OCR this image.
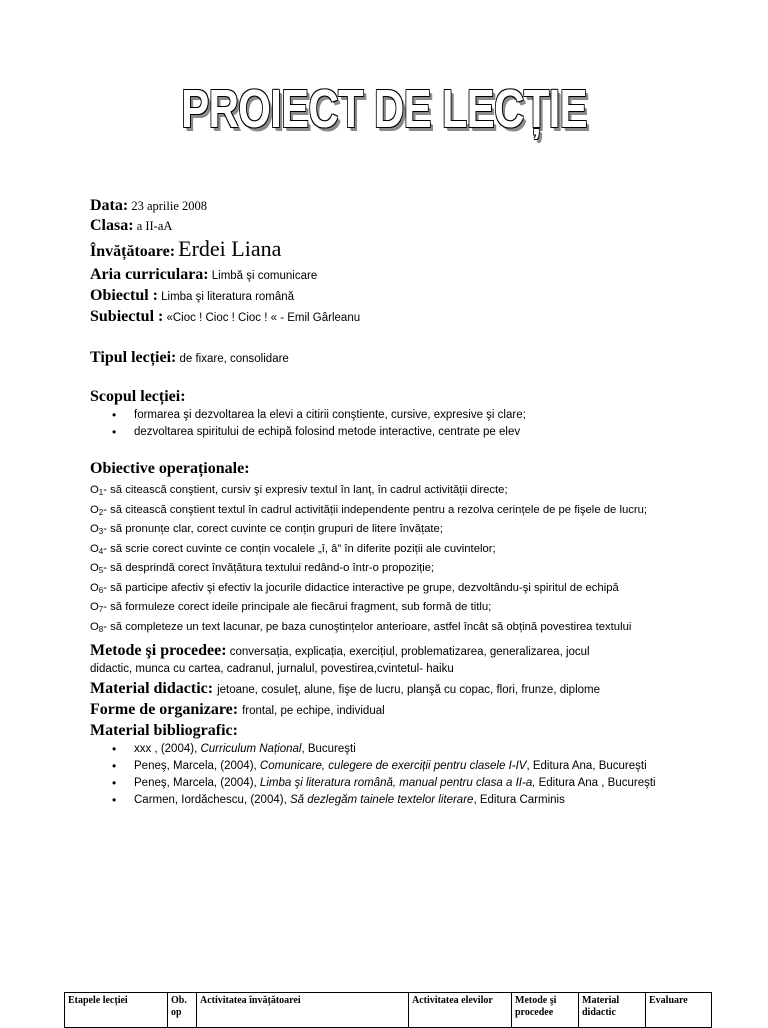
PROIECT DE LECȚIE
Data: 23 aprilie 2008
Clasa: a II-aA
Învățătoare: Erdei Liana
Aria curriculara: Limbă şi comunicare
Obiectul : Limba şi literatura română
Subiectul : «Cioc ! Cioc ! Cioc ! « - Emil Gârleanu
Tipul lecției: de fixare, consolidare
Scopul lecției:
• formarea şi dezvoltarea la elevi a citirii conştiente, cursive, expresive şi clare;
• dezvoltarea spiritului de echipă folosind metode interactive, centrate pe elev
Obiective operaționale:
$O_1-$ să citească conştient, cursiv şi expresiv textul în lanț, în cadrul activității directe;
$O_2-$ să citească conştient textul în cadrul activității independente pentru a rezolva cerințele de pe fişele de lucru;
$O_3-$ să pronunțe clar, corect cuvinte ce conțin grupuri de litere învățate;
$O_4-$ să scrie corect cuvinte ce conțin vocalele „î, â” în diferite poziții ale cuvintelor;
$O_5-$ să desprindă corect învățătura textului redând-o într-o propoziție;
$O_6-$ să participe afectiv şi efectiv la jocurile didactice interactive pe grupe, dezvoltându-şi spiritul de echipă
$O_7-$ să formuleze corect ideile principale ale fiecărui fragment, sub formă de titlu;
$O_8-$ să completeze un text lacunar, pe baza cunoştințelor anterioare, astfel încât să obțină povestirea textului
Metode şi procedee: conversația, explicația, exercițiul, problematizarea, generalizarea, jocul
didactic, munca cu cartea, cadranul, jurnalul, povestirea,cvintetul- haiku
Material didactic: jetoane, cosuleț, alune, fişe de lucru, planşă cu copac, flori, frunze, diplome
Forme de organizare: frontal, pe echipe, individual
Material bibliografic:
• xxx , (2004), Curriculum Național, Bucureşti
• Peneş, Marcela, (2004), Comunicare, culegere de exerciții pentru clasele I-IV, Editura Ana, Bucureşti
• Peneş, Marcela, (2004), Limba şi literatura română, manual pentru clasa a II-a, Editura Ana , Bucureşti
• Carmen, Iordăchescu, (2004), Să dezlegăm tainele textelor literare, Editura Carminis
Etapele lecției	Ob. op	Activitatea învățătoarei	Activitatea elevilor	Metode şi procedee	Material didactic	Evaluare
